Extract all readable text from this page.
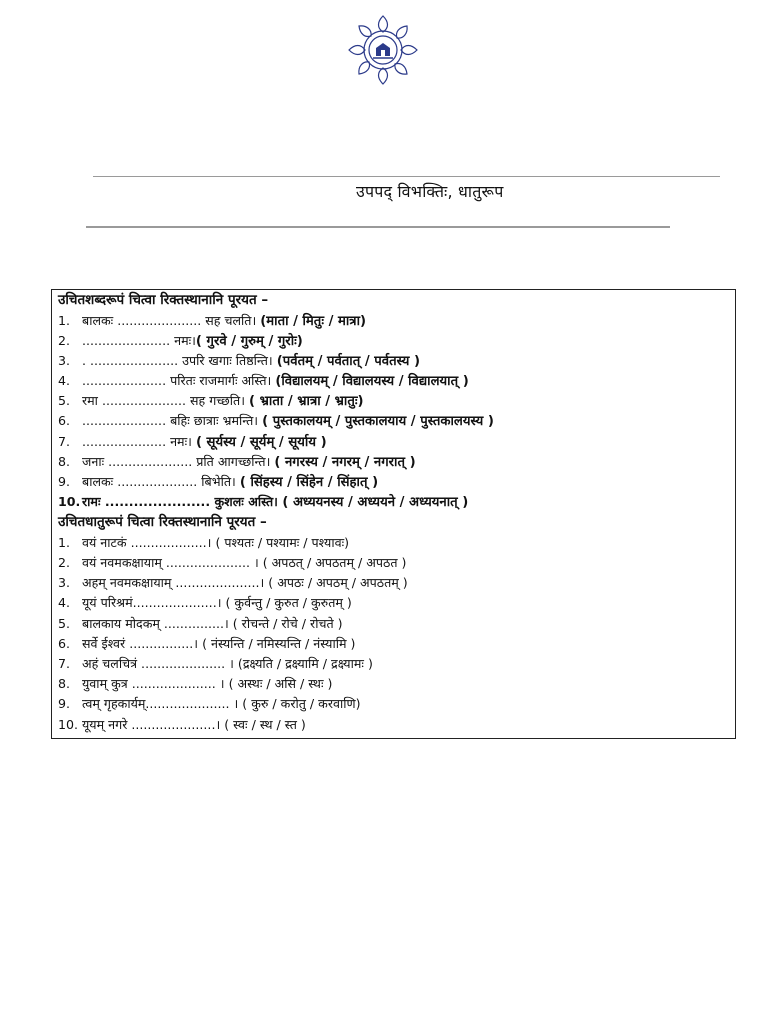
उपपद् विभक्तिः, धातुरूप
उचितशब्दरूपं चित्वा रिक्तस्थानानि पूरयत –
1. बालकः ..................... सह चलति। (माता / मितुः / मात्रा)
2. ...................... नमः।( गुरवे / गुरुम् / गुरोः)
3. . ...................... उपरि खगाः तिष्ठन्ति। (पर्वतम् / पर्वतात् / पर्वतस्य )
4. ..................... परितः राजमार्गः अस्ति। (विद्यालयम् / विद्यालयस्य / विद्यालयात् )
5. रमा ..................... सह गच्छति। ( भ्राता / भ्रात्रा / भ्रातुः)
6. ..................... बहिः छात्राः भ्रमन्ति। ( पुस्तकालयम् / पुस्तकालयाय / पुस्तकालयस्य )
7. ..................... नमः। ( सूर्यस्य / सूर्यम् / सूर्याय )
8. जनाः ..................... प्रति आगच्छन्ति। ( नगरस्य / नगरम् / नगरात् )
9. बालकः .................... बिभेति। ( सिंहस्य / सिंहेन / सिंहात् )
10. रामः ...................... कुशलः अस्ति। ( अध्ययनस्य / अध्ययने / अध्ययनात् )
उचितधातुरूपं चित्वा रिक्तस्थानानि पूरयत –
1. वयं नाटकं ...................। ( पश्यतः / पश्यामः / पश्यावः)
2. वयं नवमकक्षायाम् ..................... । ( अपठत् / अपठतम् / अपठत )
3. अहम् नवमकक्षायाम् .....................। ( अपठः / अपठम् / अपठतम् )
4. यूयं परिश्रमं.....................। ( कुर्वन्तु / कुरुत / कुरुतम् )
5. बालकाय मोदकम् ...............। ( रोचन्ते / रोचे / रोचते )
6. सर्वे ईश्वरं ................। ( नंस्यन्ति / नमिस्यन्ति / नंस्यामि )
7. अहं चलचित्रं ..................... । (द्रक्ष्यति / द्रक्ष्यामि / द्रक्ष्यामः )
8. युवाम् कुत्र ..................... । ( अस्थः / असि / स्थः )
9. त्वम् गृहकार्यम्..................... । ( कुरु / करोतु / करवाणि)
10. यूयम् नगरे .....................। ( स्वः / स्थ / स्त )
